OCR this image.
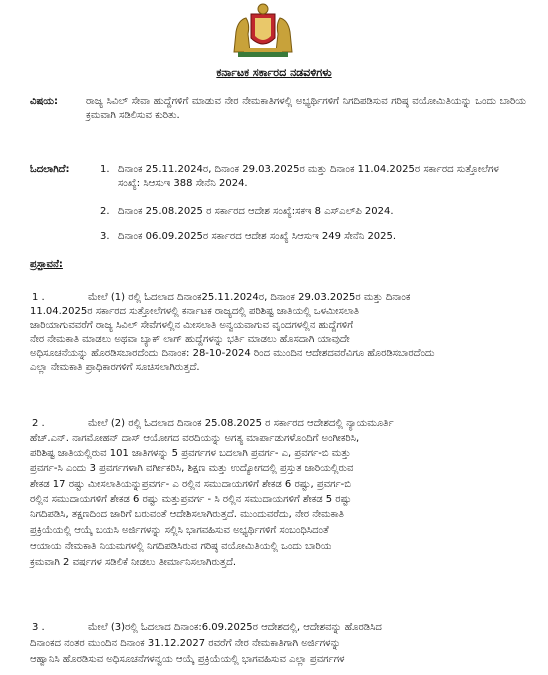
ಕರ್ನಾಟಕ ಸರ್ಕಾರದ ನಡವಳಿಗಳು
ವಿಷಯ:	ರಾಜ್ಯ ಸಿವಿಲ್ ಸೇವಾ ಹುದ್ದೆಗಳಿಗೆ ಮಾಡುವ ನೇರ ನೇಮಕಾತಿಗಳಲ್ಲಿ ಅಭ್ಯರ್ಥಿಗಳಿಗೆ ನಿಗದಿಪಡಿಸುವ ಗರಿಷ್ಠ ವಯೋಮಿತಿಯನ್ನು ಒಂದು ಬಾರಿಯ ಕ್ರಮವಾಗಿ ಸಡಿಲಿಸುವ ಕುರಿತು.
ಓದಲಾಗಿದೆ:	1. ದಿನಾಂಕ 25.11.2024ರ, ದಿನಾಂಕ 29.03.2025ರ ಮತ್ತು ದಿನಾಂಕ 11.04.2025ರ ಸರ್ಕಾರದ ಸುತ್ತೋಲೆಗಳ ಸಂಖ್ಯೆ: ಸಿಆಸುಇ 388 ಸೇನೆನಿ 2024.
2. ದಿನಾಂಕ 25.08.2025 ರ ಸರ್ಕಾರದ ಆದೇಶ ಸಂಖ್ಯೆ:ಸಕಇ 8 ಎಸ್‌ಎಲ್‌ಪಿ 2024.
3. ದಿನಾಂಕ 06.09.2025ರ ಸರ್ಕಾರದ ಆದೇಶ ಸಂಖ್ಯೆ ಸಿಆಸುಇ 249 ಸೇನೆನಿ 2025.
ಪ್ರಸ್ತಾವನೆ:
1 .	ಮೇಲೆ (1) ರಲ್ಲಿ ಓದಲಾದ ದಿನಾಂಕ25.11.2024ರ, ದಿನಾಂಕ 29.03.2025ರ ಮತ್ತು ದಿನಾಂಕ
11.04.2025ರ ಸರ್ಕಾರದ ಸುತ್ತೋಲೆಗಳಲ್ಲಿ ಕರ್ನಾಟಕ ರಾಜ್ಯದಲ್ಲಿ ಪರಿಶಿಷ್ಟ ಜಾತಿಯಲ್ಲಿ ಒಳಮೀಸಲಾತಿ
ಜಾರಿಯಾಗುವವರೆಗೆ ರಾಜ್ಯ ಸಿವಿಲ್ ಸೇವೆಗಳಲ್ಲಿನ ಮೀಸಲಾತಿ ಅನ್ವಯವಾಗುವ ವೃಂದಗಳಲ್ಲಿನ ಹುದ್ದೆಗಳಿಗೆ
ನೇರ ನೇಮಕಾತಿ ಮಾಡಲು ಅಥವಾ ಬ್ಯಾಕ್ ಲಾಗ್ ಹುದ್ದೆಗಳನ್ನು ಭರ್ತಿ ಮಾಡಲು ಹೊಸದಾಗಿ ಯಾವುದೇ
ಅಧಿಸೂಚನೆಯನ್ನು ಹೊರಡಿಸಬಾರದೆಂದು ದಿನಾಂಕ: 28-10-2024 ರಿಂದ ಮುಂದಿನ ಆದೇಶದವರೆವಿಗೂ ಹೊರಡಿಸಬಾರದೆಂದು
ಎಲ್ಲಾ ನೇಮಕಾತಿ ಪ್ರಾಧಿಕಾರಗಳಿಗೆ ಸೂಚಿಸಲಾಗಿರುತ್ತದೆ.
2 .	ಮೇಲೆ (2) ರಲ್ಲಿ ಓದಲಾದ ದಿನಾಂಕ 25.08.2025 ರ ಸರ್ಕಾರದ ಆದೇಶದಲ್ಲಿ ನ್ಯಾಯಮೂರ್ತಿ
ಹೆಚ್.ಎನ್. ನಾಗಮೋಹನ್ ದಾಸ್ ಆಯೋಗದ ವರದಿಯನ್ನು ಅಗತ್ಯ ಮಾರ್ಪಾಡುಗಳೊಂದಿಗೆ ಅಂಗೀಕರಿಸಿ,
ಪರಿಶಿಷ್ಟ ಜಾತಿಯಲ್ಲಿರುವ 101 ಜಾತಿಗಳನ್ನು 5 ಪ್ರವರ್ಗಗಳ ಬದಲಾಗಿ ಪ್ರವರ್ಗ- ಎ, ಪ್ರವರ್ಗ-ಬಿ ಮತ್ತು
ಪ್ರವರ್ಗ-ಸಿ ಎಂದು 3 ಪ್ರವರ್ಗಗಳಾಗಿ ವರ್ಗೀಕರಿಸಿ, ಶಿಕ್ಷಣ ಮತ್ತು ಉದ್ಯೋಗದಲ್ಲಿ ಪ್ರಸ್ತುತ ಜಾರಿಯಲ್ಲಿರುವ
ಶೇಕಡ 17 ರಷ್ಟು ಮೀಸಲಾತಿಯನ್ನುಪ್ರವರ್ಗ- ಎ ರಲ್ಲಿನ ಸಮುದಾಯಗಳಿಗೆ ಶೇಕಡ 6 ರಷ್ಟು, ಪ್ರವರ್ಗ-ಬಿ
ರಲ್ಲಿನ ಸಮುದಾಯಗಳಿಗೆ ಶೇಕಡ 6 ರಷ್ಟು ಮತ್ತುಪ್ರವರ್ಗ - ಸಿ ರಲ್ಲಿನ ಸಮುದಾಯಗಳಿಗೆ ಶೇಕಡ 5 ರಷ್ಟು
ನಿಗದಿಪಡಿಸಿ, ತಕ್ಷಣದಿಂದ ಜಾರಿಗೆ ಬರುವಂತೆ ಆದೇಶಿಸಲಾಗಿರುತ್ತದೆ. ಮುಂದುವರೆದು, ನೇರ ನೇಮಕಾತಿ
ಪ್ರಕ್ರಿಯೆಯಲ್ಲಿ ಆಯ್ಕೆ ಬಯಸಿ ಅರ್ಜಿಗಳನ್ನು ಸಲ್ಲಿಸಿ ಭಾಗವಹಿಸುವ ಅಭ್ಯರ್ಥಿಗಳಿಗೆ ಸಂಬಂಧಿಸಿದಂತೆ
ಆಯಾಯ ನೇಮಕಾತಿ ನಿಯಮಗಳಲ್ಲಿ ನಿಗದಿಪಡಿಸಿರುವ ಗರಿಷ್ಠ ವಯೋಮಿತಿಯಲ್ಲಿ ಒಂದು ಬಾರಿಯ
ಕ್ರಮವಾಗಿ 2 ವರ್ಷಗಳ ಸಡಿಲಿಕೆ ನೀಡಲು ತೀರ್ಮಾನಿಸಲಾಗಿರುತ್ತದೆ.
3 .	ಮೇಲೆ (3)ರಲ್ಲಿ ಓದಲಾದ ದಿನಾಂಕ:6.09.2025ರ ಆದೇಶದಲ್ಲಿ, ಆದೇಶವನ್ನು ಹೊರಡಿಸಿದ
ದಿನಾಂಕದ ನಂತರ ಮುಂದಿನ ದಿನಾಂಕ 31.12.2027 ರವರೆಗೆ ನೇರ ನೇಮಕಾತಿಗಾಗಿ ಅರ್ಜಿಗಳನ್ನು
ಆಹ್ವಾನಿಸಿ ಹೊರಡಿಸುವ ಅಧಿಸೂಚನೆಗಳನ್ವಯ ಆಯ್ಕೆ ಪ್ರಕ್ರಿಯೆಯಲ್ಲಿ ಭಾಗವಹಿಸುವ ಎಲ್ಲಾ ಪ್ರವರ್ಗಗಳ
